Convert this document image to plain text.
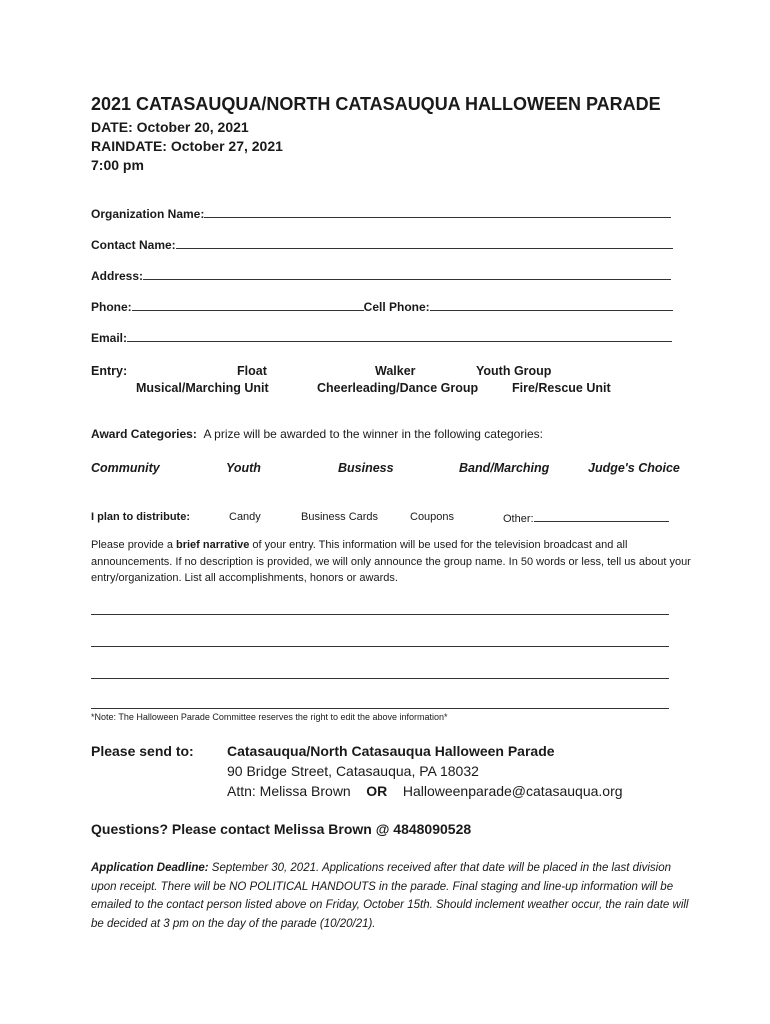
2021 CATASAUQUA/NORTH CATASAUQUA HALLOWEEN PARADE
DATE: October 20, 2021
RAINDATE: October 27, 2021
7:00 pm
Organization Name:
Contact Name:
Address:
Phone:	Cell Phone:
Email:
Entry:	Float	Walker	Youth Group
Musical/Marching Unit	Cheerleading/Dance Group	Fire/Rescue Unit
Award Categories: A prize will be awarded to the winner in the following categories:
Community	Youth	Business	Band/Marching	Judge's Choice
I plan to distribute:	Candy	Business Cards	Coupons	Other:
Please provide a brief narrative of your entry. This information will be used for the television broadcast and all announcements. If no description is provided, we will only announce the group name. In 50 words or less, tell us about your entry/organization. List all accomplishments, honors or awards.
*Note: The Halloween Parade Committee reserves the right to edit the above information*
Please send to: Catasauqua/North Catasauqua Halloween Parade
90 Bridge Street, Catasauqua, PA 18032
Attn: Melissa Brown OR Halloweenparade@catasauqua.org
Questions? Please contact Melissa Brown @ 4848090528
Application Deadline: September 30, 2021. Applications received after that date will be placed in the last division upon receipt. There will be NO POLITICAL HANDOUTS in the parade. Final staging and line-up information will be emailed to the contact person listed above on Friday, October 15th. Should inclement weather occur, the rain date will be decided at 3 pm on the day of the parade (10/20/21).
